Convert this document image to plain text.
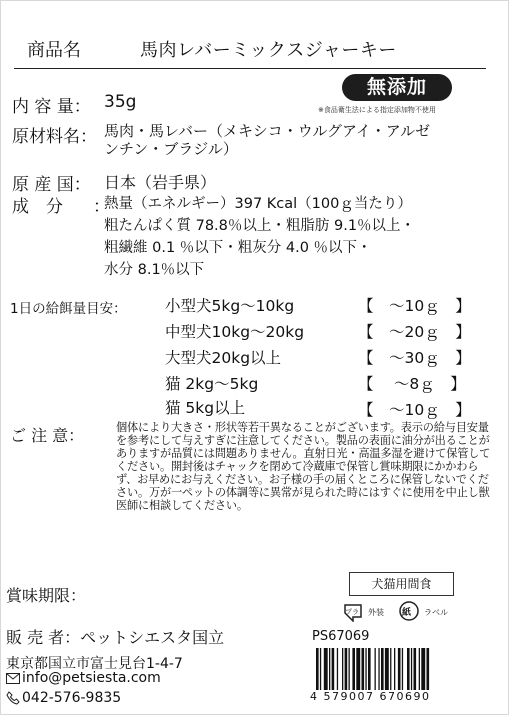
商品名	馬肉レバーミックスジャーキー
無添加
※食品衛生法による指定添加物不使用
内 容 量： 35g
原材料名： 馬肉・馬レバー（メキシコ・ウルグアイ・アルゼ
ンチン・ブラジル）
原 産 国： 日本（岩手県）
成　分 ：
熱量（エネルギー）397 Kcal（100ｇ当たり）
粗たんぱく質 78.8％以上・粗脂肪 9.1％以上・
粗繊維 0.1 ％以下・粗灰分 4.0 ％以下・
水分 8.1％以下
1日の給餌量目安： 小型犬5kg〜10kg	【　〜10ｇ　】
中型犬10kg〜20kg	【　〜20ｇ　】
大型犬20kg以上	【　〜30ｇ　】
猫 2kg〜5kg	【　 〜8ｇ　】
猫 5kg以上	【　〜10ｇ　】
ご 注 意：	個体により大きさ・形状等若干異なることがございます。表示の給与目安量を参考にして与えすぎに注意してください。製品の表面に油分が出ることがありますが品質には問題ありません。直射日光・高温多湿を避けて保管してください。開封後はチャックを閉めて冷蔵庫で保管し賞味期限にかかわらず、お早めにお与えください。お子様の手の届くところに保管しないでください。万が一ペットの体調等に異常が見られた時にはすぐに使用を中止し獣医師に相談してください。
賞味期限：
犬猫用間食
プラ 外装 紙 ラベル
販 売 者：ペットシエスタ国立
東京都国立市富士見台1-4-7
info@petsiesta.com
042-576-9835
PS67069
4 579007 670690
